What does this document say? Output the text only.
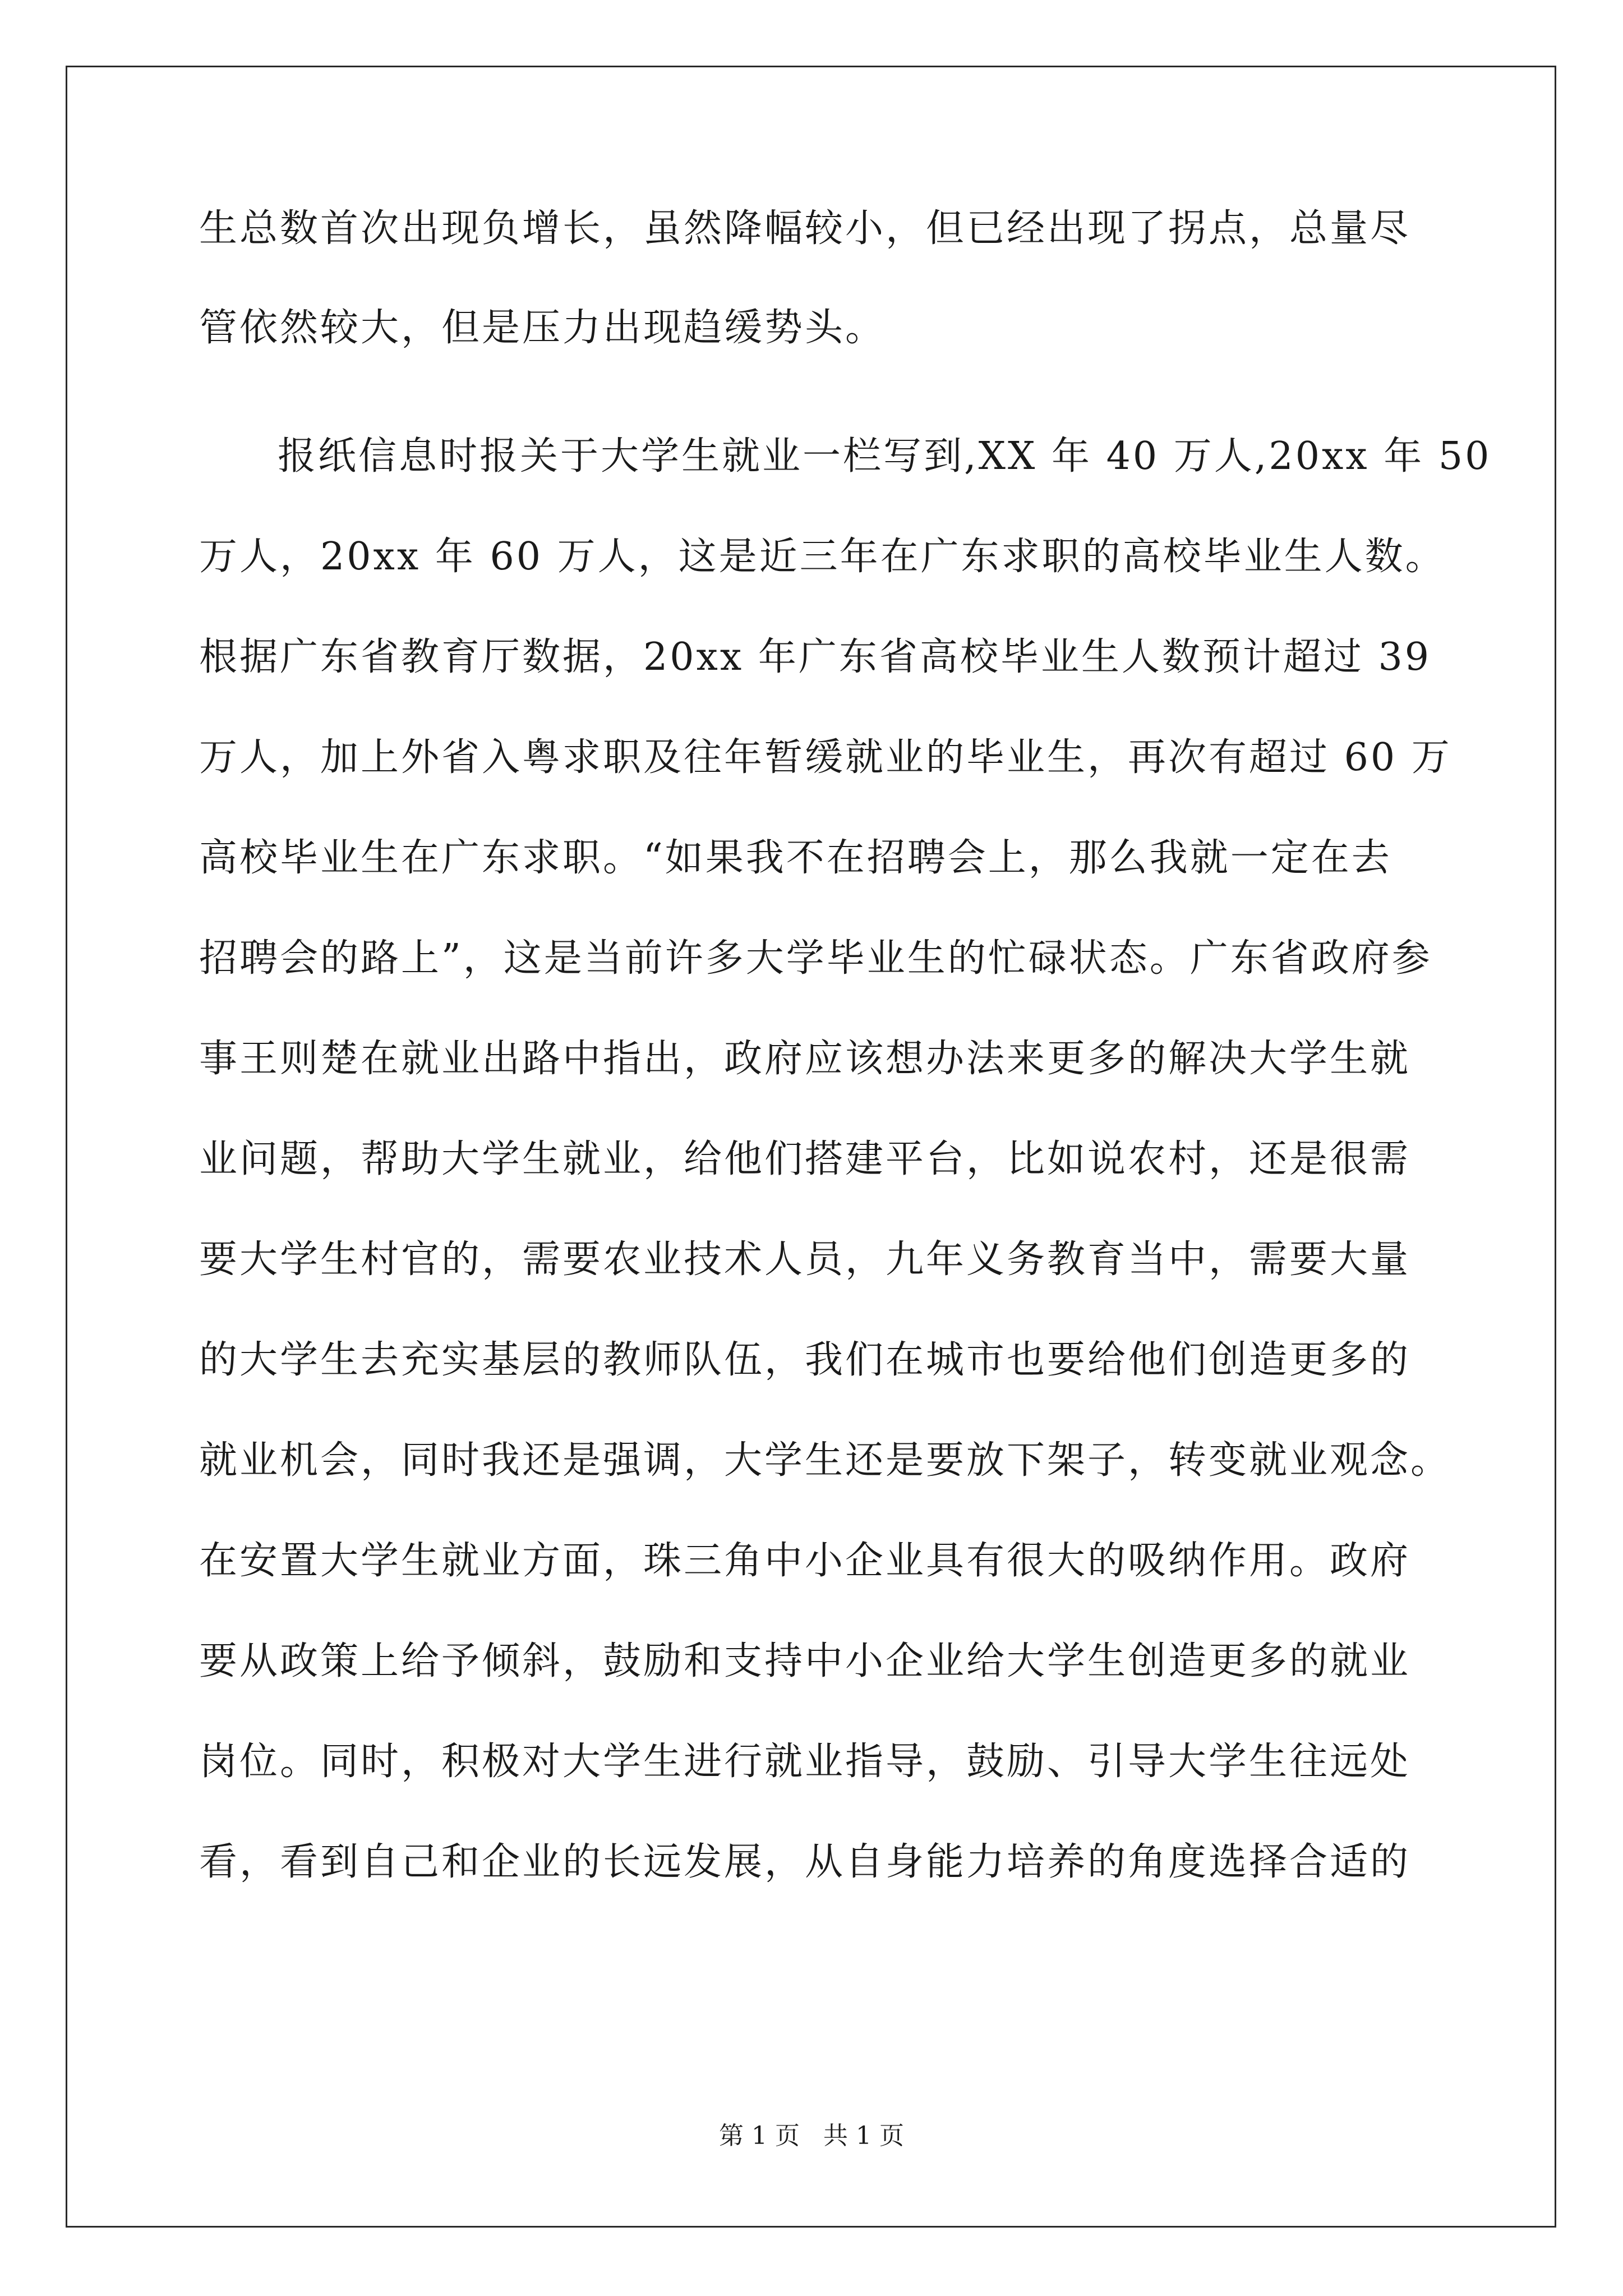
生总数首次出现负增长，虽然降幅较小，但已经出现了拐点，总量尽
管依然较大，但是压力出现趋缓势头。
报纸信息时报关于大学生就业一栏写到,XX 年 40 万人,20xx 年 50
万人，20xx 年 60 万人，这是近三年在广东求职的高校毕业生人数。
根据广东省教育厅数据，20xx 年广东省高校毕业生人数预计超过 39
万人，加上外省入粤求职及往年暂缓就业的毕业生，再次有超过 60 万
高校毕业生在广东求职。“如果我不在招聘会上，那么我就一定在去
招聘会的路上”，这是当前许多大学毕业生的忙碌状态。广东省政府参
事王则楚在就业出路中指出，政府应该想办法来更多的解决大学生就
业问题，帮助大学生就业，给他们搭建平台，比如说农村，还是很需
要大学生村官的，需要农业技术人员，九年义务教育当中，需要大量
的大学生去充实基层的教师队伍，我们在城市也要给他们创造更多的
就业机会，同时我还是强调，大学生还是要放下架子，转变就业观念。
在安置大学生就业方面，珠三角中小企业具有很大的吸纳作用。政府
要从政策上给予倾斜，鼓励和支持中小企业给大学生创造更多的就业
岗位。同时，积极对大学生进行就业指导，鼓励、引导大学生往远处
看，看到自己和企业的长远发展，从自身能力培养的角度选择合适的
第 1 页   共 1 页
